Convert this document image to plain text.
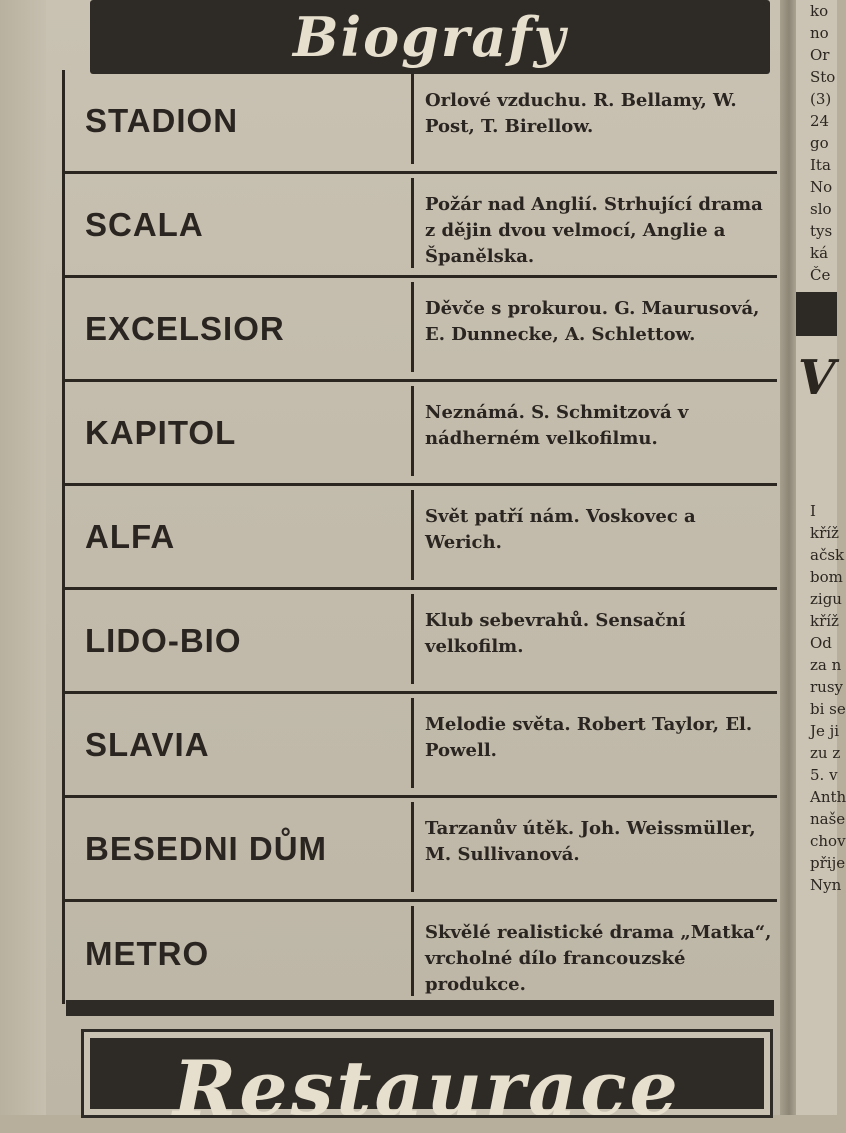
Biografy
STADION
Orlové vzduchu. R. Bellamy, W. Post, T. Birellow.
SCALA
Požár nad Anglií. Strhující drama z dějin dvou velmocí, Anglie a Španělska.
EXCELSIOR
Děvče s prokurou. G. Maurusová, E. Dunnecke, A. Schlettow.
KAPITOL
Neznámá. S. Schmitzová v nádherném velkofilmu.
ALFA
Svět patří nám. Voskovec a Werich.
LIDO-BIO
Klub sebevrahů. Sensační velkofilm.
SLAVIA
Melodie světa. Robert Taylor, El. Powell.
BESEDNI DŮM
Tarzanův útěk. Joh. Weissmüller, M. Sullivanová.
METRO
Skvělé realistické drama „Matka“, vrcholné dílo francouzské produkce.
Restaurace
ko
no
Or
Sto
(3)
24
go
Ita
No
slo
tys
ká
Če
V
I
kříž
ačsk
bom
zigu
kříž
Od
za n
rusy
bi se
Je ji
zu z
5. v
Anth
naše
chov
přije
Nyn
